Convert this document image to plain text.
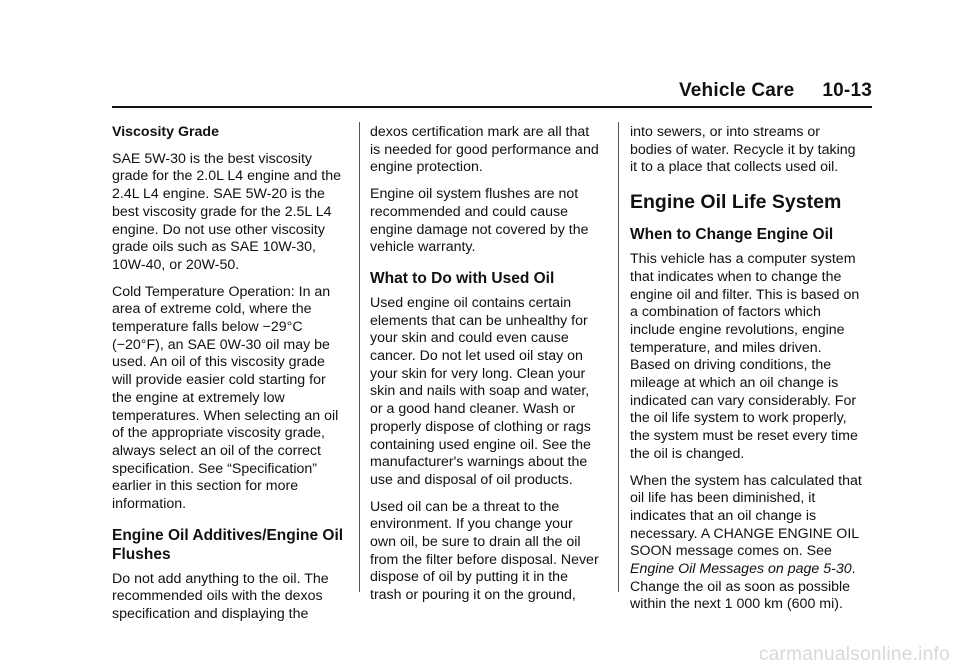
Vehicle Care 10-13

Viscosity Grade

SAE 5W-30 is the best viscosity grade for the 2.0L L4 engine and the 2.4L L4 engine. SAE 5W-20 is the best viscosity grade for the 2.5L L4 engine. Do not use other viscosity grade oils such as SAE 10W-30, 10W-40, or 20W-50.

Cold Temperature Operation: In an area of extreme cold, where the temperature falls below −29°C (−20°F), an SAE 0W-30 oil may be used. An oil of this viscosity grade will provide easier cold starting for the engine at extremely low temperatures. When selecting an oil of the appropriate viscosity grade, always select an oil of the correct specification. See “Specification” earlier in this section for more information.

Engine Oil Additives/Engine Oil Flushes

Do not add anything to the oil. The recommended oils with the dexos specification and displaying the

dexos certification mark are all that is needed for good performance and engine protection.

Engine oil system flushes are not recommended and could cause engine damage not covered by the vehicle warranty.

What to Do with Used Oil

Used engine oil contains certain elements that can be unhealthy for your skin and could even cause cancer. Do not let used oil stay on your skin for very long. Clean your skin and nails with soap and water, or a good hand cleaner. Wash or properly dispose of clothing or rags containing used engine oil. See the manufacturer's warnings about the use and disposal of oil products.

Used oil can be a threat to the environment. If you change your own oil, be sure to drain all the oil from the filter before disposal. Never dispose of oil by putting it in the trash or pouring it on the ground,

into sewers, or into streams or bodies of water. Recycle it by taking it to a place that collects used oil.

Engine Oil Life System
When to Change Engine Oil

This vehicle has a computer system that indicates when to change the engine oil and filter. This is based on a combination of factors which include engine revolutions, engine temperature, and miles driven. Based on driving conditions, the mileage at which an oil change is indicated can vary considerably. For the oil life system to work properly, the system must be reset every time the oil is changed.

When the system has calculated that oil life has been diminished, it indicates that an oil change is necessary. A CHANGE ENGINE OIL SOON message comes on. See Engine Oil Messages on page 5-30. Change the oil as soon as possible within the next 1 000 km (600 mi).

carmanualsonline.info
